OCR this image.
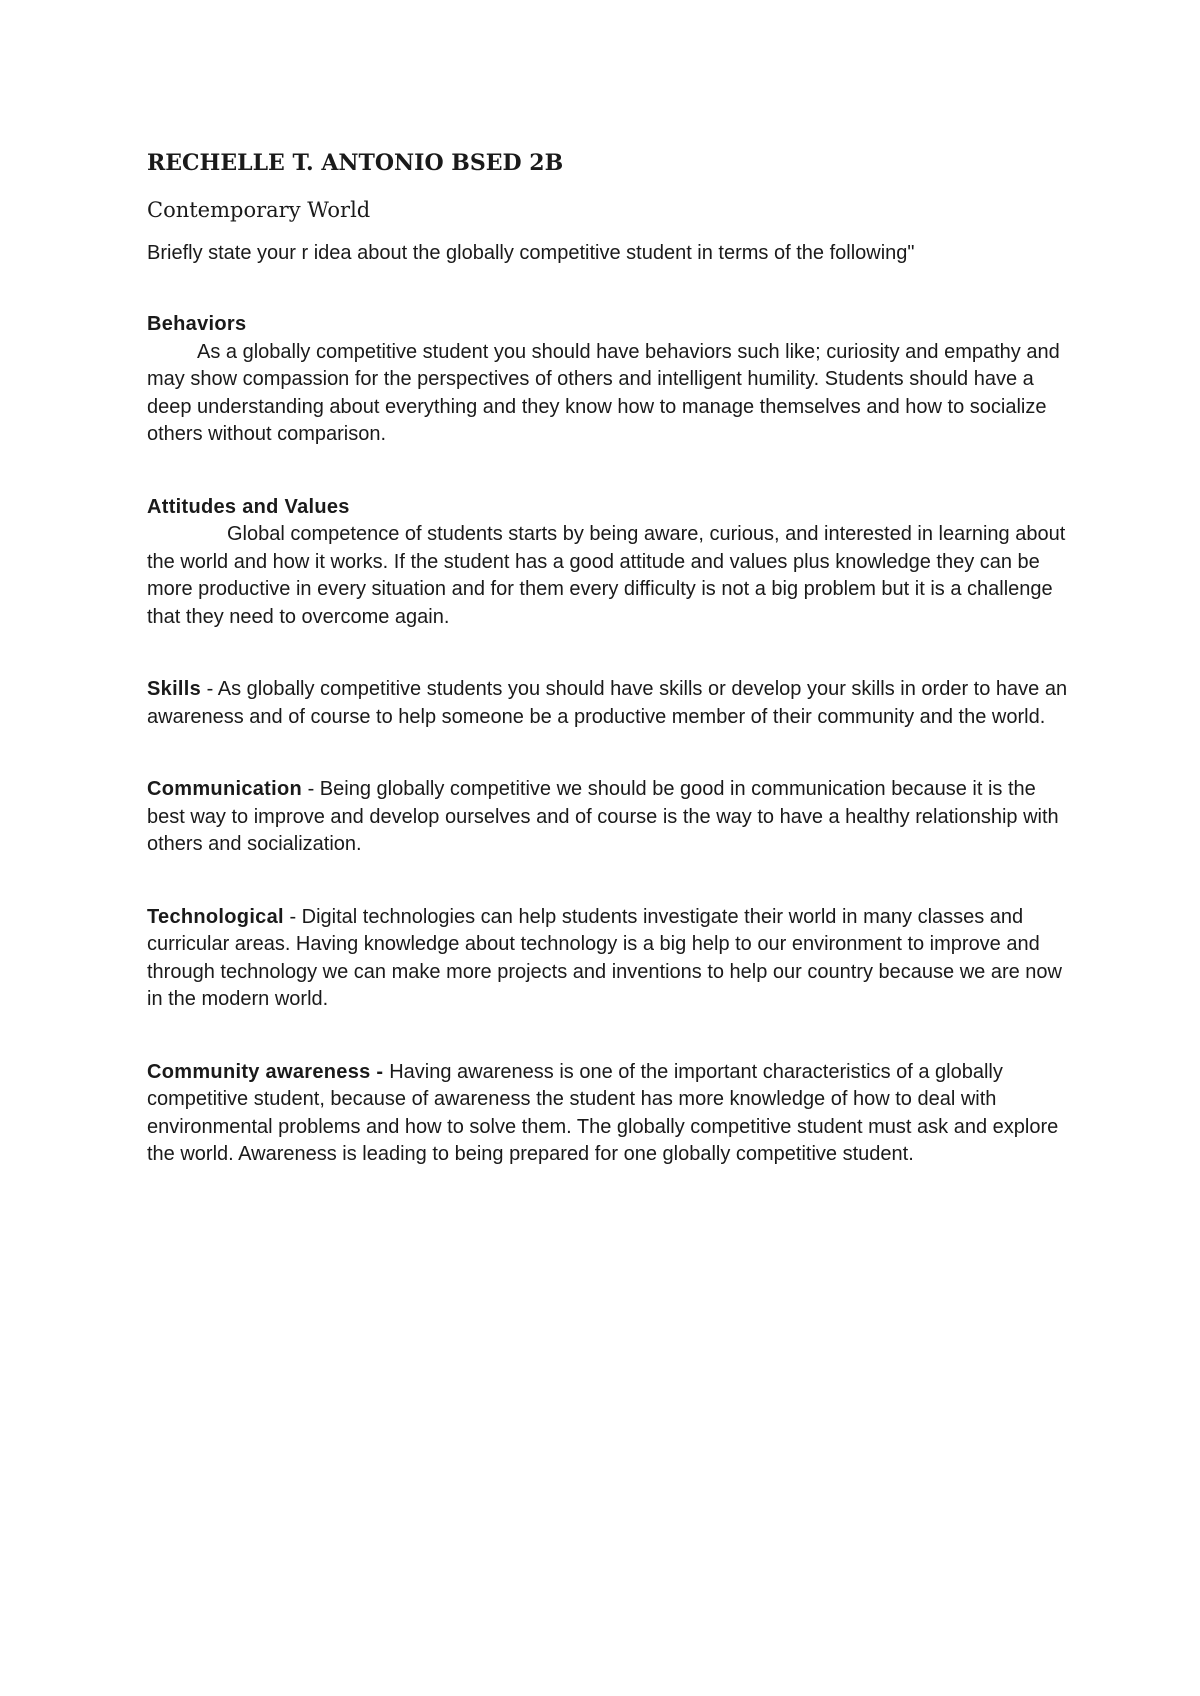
RECHELLE T. ANTONIO BSED 2B

Contemporary World

Briefly state your r idea about the globally competitive student in terms of the following"

Behaviors
As a globally competitive student you should have behaviors such like; curiosity and empathy and may show compassion for the perspectives of others and intelligent humility. Students should have a deep understanding about everything and they know how to manage themselves and how to socialize others without comparison.
Attitudes and Values
Global competence of students starts by being aware, curious, and interested in learning about the world and how it works. If the student has a good attitude and values plus knowledge they can be more productive in every situation and for them every difficulty is not a big problem but it is a challenge that they need to overcome again.

Skills - As globally competitive students you should have skills or develop your skills in order to have an awareness and of course to help someone be a productive member of their community and the world.

Communication - Being globally competitive we should be good in communication because it is the best way to improve and develop ourselves and of course is the way to have a healthy relationship with others and socialization.

Technological - Digital technologies can help students investigate their world in many classes and curricular areas. Having knowledge about technology is a big help to our environment to improve and through technology we can make more projects and inventions to help our country because we are now in the modern world.

Community awareness - Having awareness is one of the important characteristics of a globally competitive student, because of awareness the student has more knowledge of how to deal with environmental problems and how to solve them. The globally competitive student must ask and explore the world. Awareness is leading to being prepared for one globally competitive student.
